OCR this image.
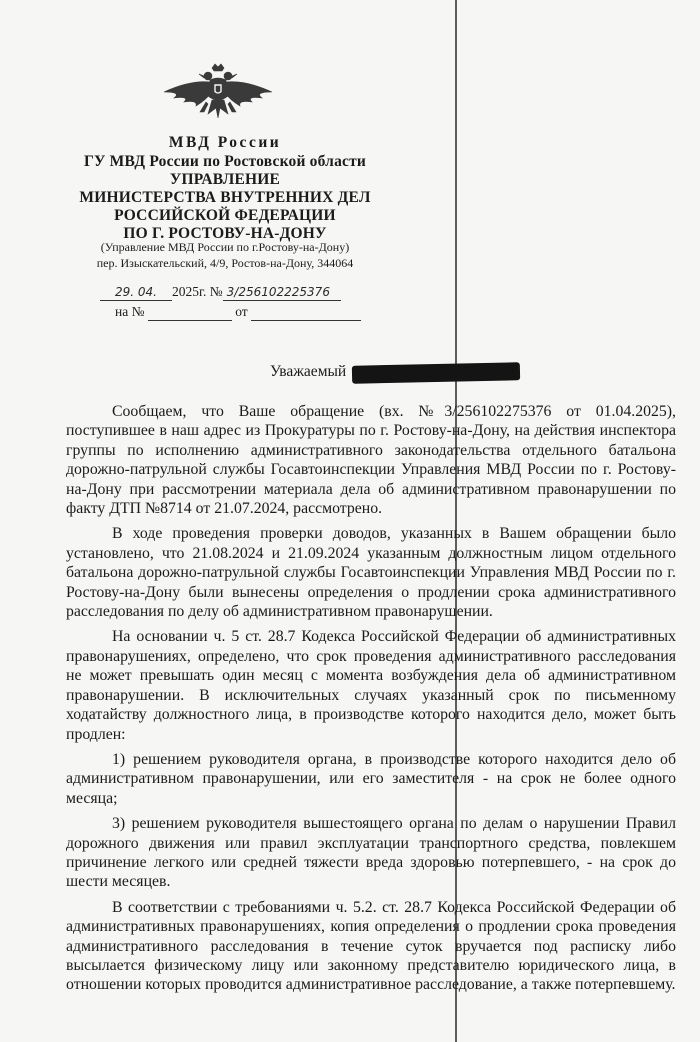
МВД России
ГУ МВД России по Ростовской области
УПРАВЛЕНИЕ
МИНИСТЕРСТВА ВНУТРЕННИХ ДЕЛ
РОССИЙСКОЙ ФЕДЕРАЦИИ
ПО Г. РОСТОВУ-НА-ДОНУ
(Управление МВД России по г.Ростову-на-Дону)
пер. Изыскательский, 4/9, Ростов-на-Дону, 344064
29. 04. 2025г. № 3/256102225376
на №	от
Уважаемый	!

Сообщаем, что Ваше обращение (вх. №3/256102275376 от 01.04.2025), поступившее в наш адрес из Прокуратуры по г. Ростову-на-Дону, на действия инспектора группы по исполнению административного законодательства отдельного батальона дорожно-патрульной службы Госавтоинспекции Управления МВД России по г. Ростову-на-Дону при рассмотрении материала дела об административном правонарушении по факту ДТП №8714 от 21.07.2024, рассмотрено.

В ходе проведения проверки доводов, указанных в Вашем обращении было установлено, что 21.08.2024 и 21.09.2024 указанным должностным лицом отдельного батальона дорожно-патрульной службы Госавтоинспекции Управления МВД России по г. Ростову-на-Дону были вынесены определения о продлении срока административного расследования по делу об административном правонарушении.

На основании ч. 5 ст. 28.7 Кодекса Российской Федерации об административных правонарушениях, определено, что срок проведения административного расследования не может превышать один месяц с момента возбуждения дела об административном правонарушении. В исключительных случаях указанный срок по письменному ходатайству должностного лица, в производстве которого находится дело, может быть продлен:

1) решением руководителя органа, в производстве которого находится дело об административном правонарушении, или его заместителя - на срок не более одного месяца;

3) решением руководителя вышестоящего органа по делам о нарушении Правил дорожного движения или правил эксплуатации транспортного средства, повлекшем причинение легкого или средней тяжести вреда здоровью потерпевшего, - на срок до шести месяцев.

В соответствии с требованиями ч. 5.2. ст. 28.7 Кодекса Российской Федерации об административных правонарушениях, копия определения о продлении срока проведения административного расследования в течение суток вручается под расписку либо высылается физическому лицу или законному представителю юридического лица, в отношении которых проводится административное расследование, а также потерпевшему.
